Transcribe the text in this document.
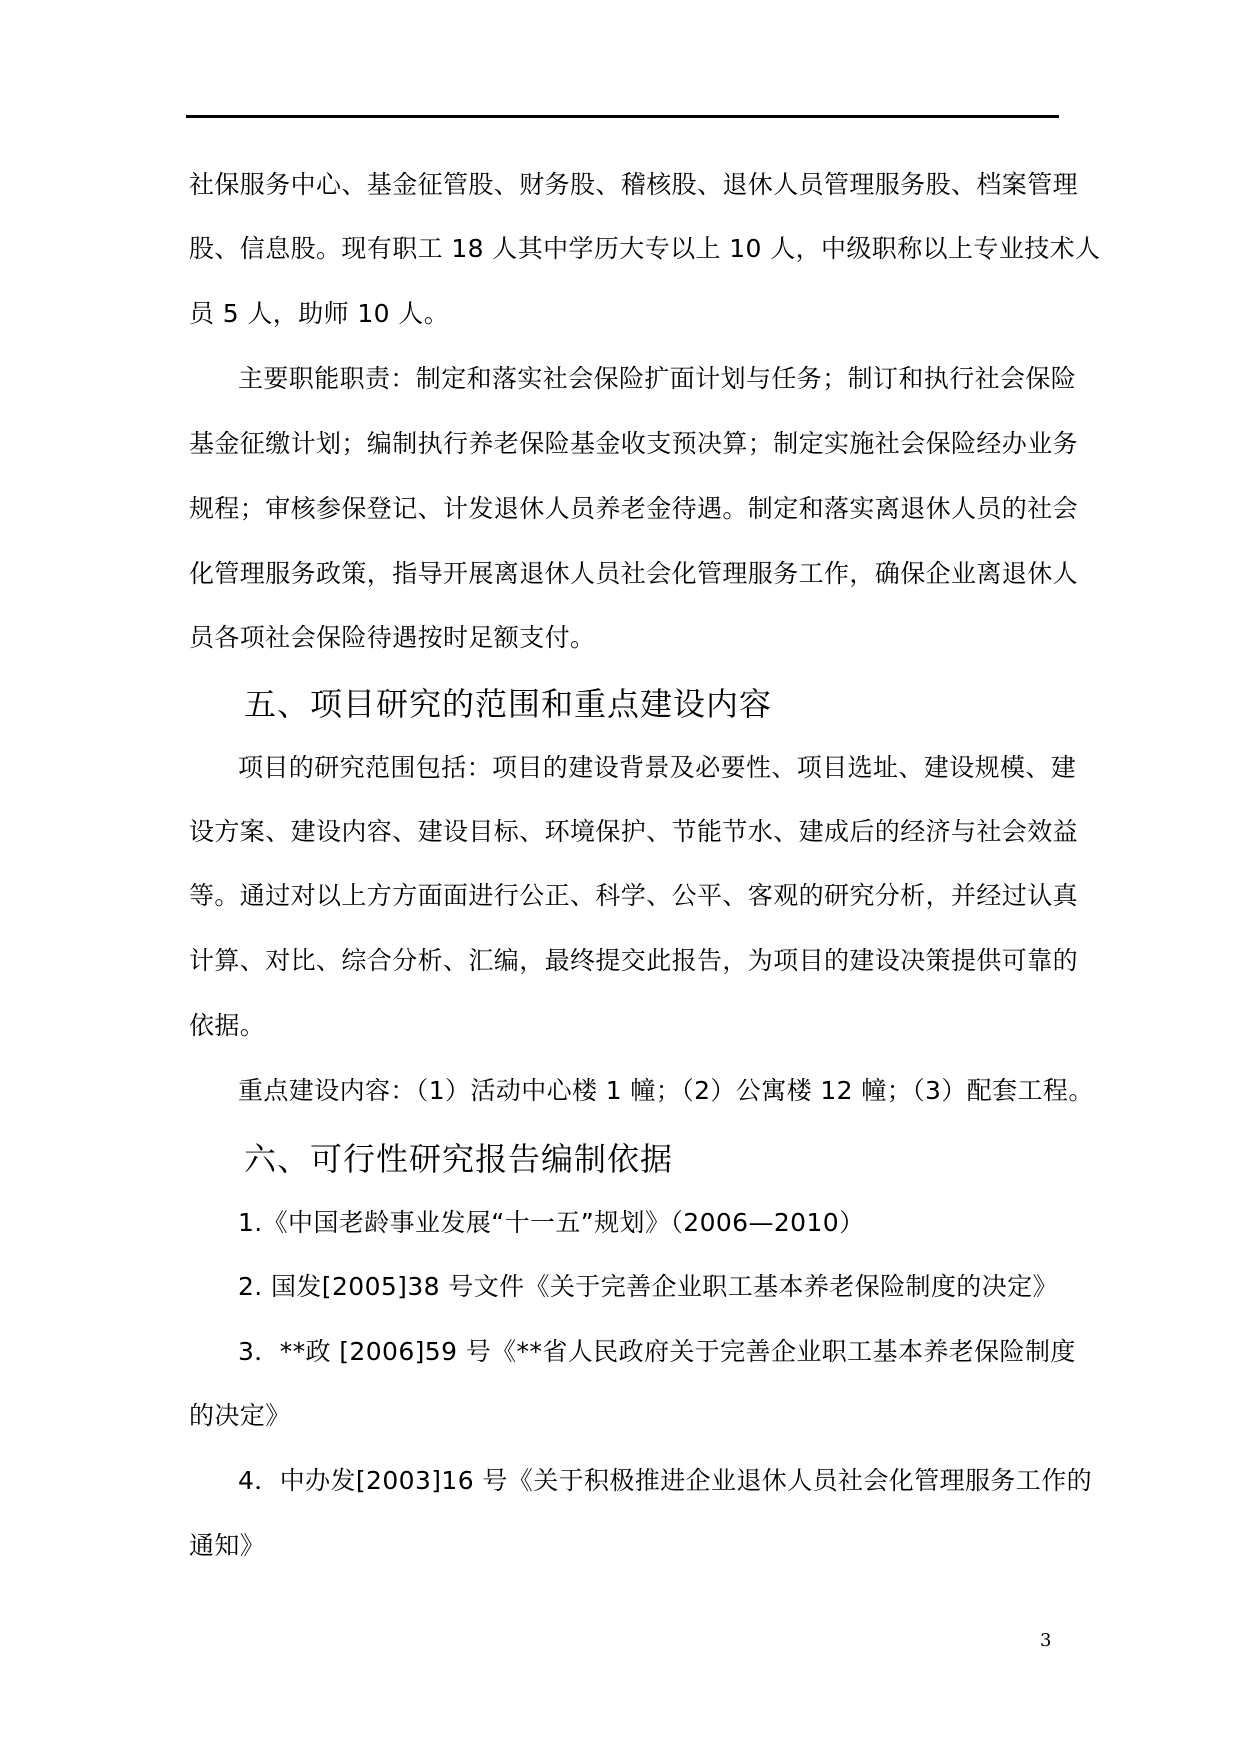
社保服务中心、基金征管股、财务股、稽核股、退休人员管理服务股、档案管理
股、信息股。现有职工 18 人其中学历大专以上 10 人，中级职称以上专业技术人
员 5 人，助师 10 人。
主要职能职责：制定和落实社会保险扩面计划与任务；制订和执行社会保险
基金征缴计划；编制执行养老保险基金收支预决算；制定实施社会保险经办业务
规程；审核参保登记、计发退休人员养老金待遇。制定和落实离退休人员的社会
化管理服务政策，指导开展离退休人员社会化管理服务工作，确保企业离退休人
员各项社会保险待遇按时足额支付。
五、项目研究的范围和重点建设内容
项目的研究范围包括：项目的建设背景及必要性、项目选址、建设规模、建
设方案、建设内容、建设目标、环境保护、节能节水、建成后的经济与社会效益
等。通过对以上方方面面进行公正、科学、公平、客观的研究分析，并经过认真
计算、对比、综合分析、汇编，最终提交此报告，为项目的建设决策提供可靠的
依据。
重点建设内容：（1）活动中心楼 1 幢；（2）公寓楼 12 幢；（3）配套工程。
六、可行性研究报告编制依据
1.《中国老龄事业发展“十一五”规划》（2006—2010）
2. 国发[2005]38 号文件《关于完善企业职工基本养老保险制度的决定》
3．**政 [2006]59 号《**省人民政府关于完善企业职工基本养老保险制度
的决定》
4．中办发[2003]16 号《关于积极推进企业退休人员社会化管理服务工作的
通知》
3
